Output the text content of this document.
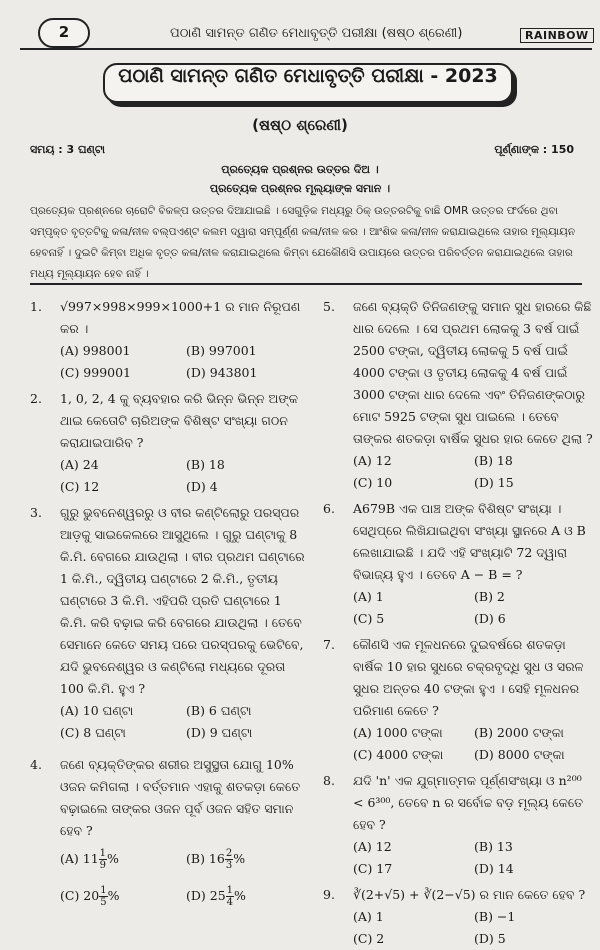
2	ପଠାଣି ସାମନ୍ତ ଗଣିତ ମେଧାବୃତ୍ତି ପରୀକ୍ଷା (ଷଷ୍ଠ ଶ୍ରେଣୀ)	RAINBOW
ପଠାଣି ସାମନ୍ତ ଗଣିତ ମେଧାବୃତ୍ତି ପରୀକ୍ଷା - 2023
(ଷଷ୍ଠ ଶ୍ରେଣୀ)
ସମୟ : 3 ଘଣ୍ଟା	ପୂର୍ଣ୍ଣାଙ୍କ : 150
ପ୍ରତ୍ୟେକ ପ୍ରଶ୍ନର ଉତ୍ତର ଦିଅ ।
ପ୍ରତ୍ୟେକ ପ୍ରଶ୍ନର ମୂଲ୍ୟାଙ୍କ ସମାନ ।
ପ୍ରତ୍ୟେକ ପ୍ରଶ୍ନରେ ଚାରୋଟି ବିକଳ୍ପ ଉତ୍ତର ଦିଆଯାଇଛି । ସେଗୁଡ଼ିକ ମଧ୍ୟରୁ ଠିକ୍ ଉତ୍ତରଟିକୁ ବାଛି OMR ଉତ୍ତର ଫର୍ଦରେ ଥିବା ସମ୍ପୃକ୍ତ ବୃତ୍ତଟିକୁ କଳା/ନୀଳ ବଲ୍‌ପଏଣ୍ଟ କଲମ ଦ୍ୱାରା ସମ୍ପୂର୍ଣ୍ଣ କଳା/ନୀଳ କର । ଆଂଶିକ କଳା/ନୀଳ କରାଯାଇଥିଲେ ତାହାର ମୂଲ୍ୟାୟନ ହେବନାହିଁ । ଦୁଇଟି କିମ୍ବା ଅଧିକ ବୃତ୍ତ କଳା/ନୀଳ କରାଯାଇଥିଲେ କିମ୍ବା ଯେକୌଣସି ଉପାୟରେ ଉତ୍ତର ପରିବର୍ତ୍ତନ କରାଯାଇଥିଲେ ତାହାର ମଧ୍ୟ ମୂଲ୍ୟାୟନ ହେବ ନାହିଁ ।
1.	√997×998×999×1000+1 ର ମାନ ନିରୂପଣ କର ।
(A) 998001	(B) 997001
(C) 999001	(D) 943801
2.	1, 0, 2, 4 କୁ ବ୍ୟବହାର କରି ଭିନ୍ନ ଭିନ୍ନ ଅଙ୍କ ଥାଇ କେତୋଟି ଚାରିଅଙ୍କ ବିଶିଷ୍ଟ ସଂଖ୍ୟା ଗଠନ କରାଯାଇପାରିବ ?
(A) 24	(B) 18
(C) 12	(D) 4
3.	ଗୁରୁ ଭୁବନେଶ୍ୱରରୁ ଓ ବୀର କଣ୍ଟିଲୋରୁ ପରସ୍ପର ଆଡ଼କୁ ସାଇକେଲରେ ଆସୁଥିଲେ । ଗୁରୁ ଘଣ୍ଟାକୁ 8 କି.ମି. ବେଗରେ ଯାଉଥିଲା । ବୀର ପ୍ରଥମ ଘଣ୍ଟାରେ 1 କି.ମି., ଦ୍ୱିତୀୟ ଘଣ୍ଟାରେ 2 କି.ମି., ତୃତୀୟ ଘଣ୍ଟାରେ 3 କି.ମି. ଏହିପରି ପ୍ରତି ଘଣ୍ଟାରେ 1 କି.ମି. କରି ବଢ଼ାଇ କରି ବେଗରେ ଯାଉଥିଲା । ତେବେ ସେମାନେ କେତେ ସମୟ ପରେ ପରସ୍ପରକୁ ଭେଟିବେ, ଯଦି ଭୁବନେଶ୍ୱର ଓ କଣ୍ଟିଲୋ ମଧ୍ୟରେ ଦୂରତା 100 କି.ମି. ହୁଏ ?
(A) 10 ଘଣ୍ଟା	(B) 6 ଘଣ୍ଟା
(C) 8 ଘଣ୍ଟା	(D) 9 ଘଣ୍ଟା
4.	ଜଣେ ବ୍ୟକ୍ତିଙ୍କର ଶରୀର ଅସୁସ୍ଥତା ଯୋଗୁ 10% ଓଜନ କମିଗଲା । ବର୍ତ୍ତମାନ ଏହାକୁ ଶତକଡ଼ା କେତେ ବଢ଼ାଇଲେ ତାଙ୍କର ଓଜନ ପୂର୍ବ ଓଜନ ସହିତ ସମାନ ହେବ ?
(A) $11 \frac{1}{9}$ %	(B) $16 \frac{2}{3}$ %
(C) $20 \frac{1}{5}$ %	(D) $25 \frac{1}{4}$ %
5.	ଜଣେ ବ୍ୟକ୍ତି ତିନିଜଣଙ୍କୁ ସମାନ ସୁଧ ହାରରେ କିଛି ଧାର ଦେଲେ । ସେ ପ୍ରଥମ ଲୋକକୁ 3 ବର୍ଷ ପାଇଁ 2500 ଟଙ୍କା, ଦ୍ୱିତୀୟ ଲୋକକୁ 5 ବର୍ଷ ପାଇଁ 4000 ଟଙ୍କା ଓ ତୃତୀୟ ଲୋକକୁ 4 ବର୍ଷ ପାଇଁ 3000 ଟଙ୍କା ଧାର ଦେଲେ ଏବଂ ତିନିଜଣଙ୍କଠାରୁ ମୋଟ 5925 ଟଙ୍କା ସୁଧ ପାଇଲେ । ତେବେ ତାଙ୍କର ଶତକଡ଼ା ବାର୍ଷିକ ସୁଧର ହାର କେତେ ଥିଲା ?
(A) 12	(B) 18
(C) 10	(D) 15
6.	A679B ଏକ ପାଞ୍ଚ ଅଙ୍କ ବିଶିଷ୍ଟ ସଂଖ୍ୟା । ସେଥିପ୍ରେ ଲିଖିଯାଇଥିବା ସଂଖ୍ୟା ସ୍ଥାନରେ A ଓ B ଲେଖାଯାଇଛି । ଯଦି ଏହି ସଂଖ୍ୟାଟି 72 ଦ୍ୱାରା ବିଭାଜ୍ୟ ହୁଏ । ତେବେ A − B = ?
(A) 1	(B) 2
(C) 5	(D) 6
7.	କୌଣସି ଏକ ମୂଳଧନରେ ଦୁଇବର୍ଷରେ ଶତକଡ଼ା ବାର୍ଷିକ 10 ହାର ସୁଧରେ ଚକ୍ରବୃଦ୍ଧି ସୁଧ ଓ ସରଳ ସୁଧର ଅନ୍ତର 40 ଟଙ୍କା ହୁଏ । ସେହି ମୂଳଧନର ପରିମାଣ କେତେ ?
(A) 1000 ଟଙ୍କା	(B) 2000 ଟଙ୍କା
(C) 4000 ଟଙ୍କା	(D) 8000 ଟଙ୍କା
8.	ଯଦି 'n' ଏକ ଯୁଗ୍ମାତ୍ମକ ପୂର୍ଣ୍ଣସଂଖ୍ୟା ଓ n²⁰⁰ < 6³⁰⁰, ତେବେ n ର ସର୍ବୋଚ୍ଚ ବଡ଼ ମୂଲ୍ୟ କେତେ ହେବ ?
(A) 12	(B) 13
(C) 17	(D) 14
9.	∛(2+√5) + ∛(2−√5) ର ମାନ କେତେ ହେବ ?
(A) 1	(B) −1
(C) 2	(D) 5
